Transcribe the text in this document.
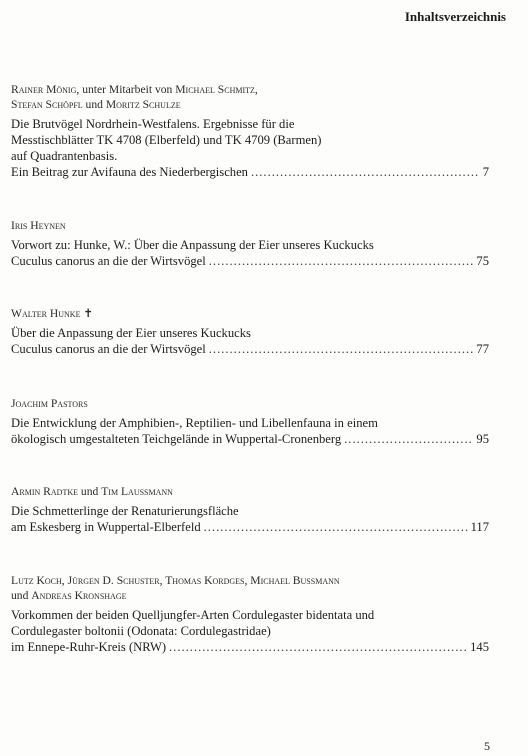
Inhaltsverzeichnis
Rainer Mönig, unter Mitarbeit von Michael Schmitz,
Stefan Schöpfl und Moritz Schulze
Die Brutvögel Nordrhein-Westfalens. Ergebnisse für die
Messtischblätter TK 4708 (Elberfeld) und TK 4709 (Barmen)
auf Quadrantenbasis.
Ein Beitrag zur Avifauna des Niederbergischen .....	7
Iris Heynen
Vorwort zu: Hunke, W.: Über die Anpassung der Eier unseres Kuckucks
Cuculus canorus an die der Wirtsvögel .....	75
Walter Hunke ✝
Über die Anpassung der Eier unseres Kuckucks
Cuculus canorus an die der Wirtsvögel .....	77
Joachim Pastors
Die Entwicklung der Amphibien-, Reptilien- und Libellenfauna in einem
ökologisch umgestalteten Teichgelände in Wuppertal-Cronenberg .....	95
Armin Radtke und Tim Laussmann
Die Schmetterlinge der Renaturierungsfläche
am Eskesberg in Wuppertal-Elberfeld .....	117
Lutz Koch, Jürgen D. Schuster, Thomas Kordges, Michael Bußmann
und Andreas Kronshage
Vorkommen der beiden Quelljungfer-Arten Cordulegaster bidentata und
Cordulegaster boltonii (Odonata: Cordulegastridae)
im Ennepe-Ruhr-Kreis (NRW) .....	145
5
